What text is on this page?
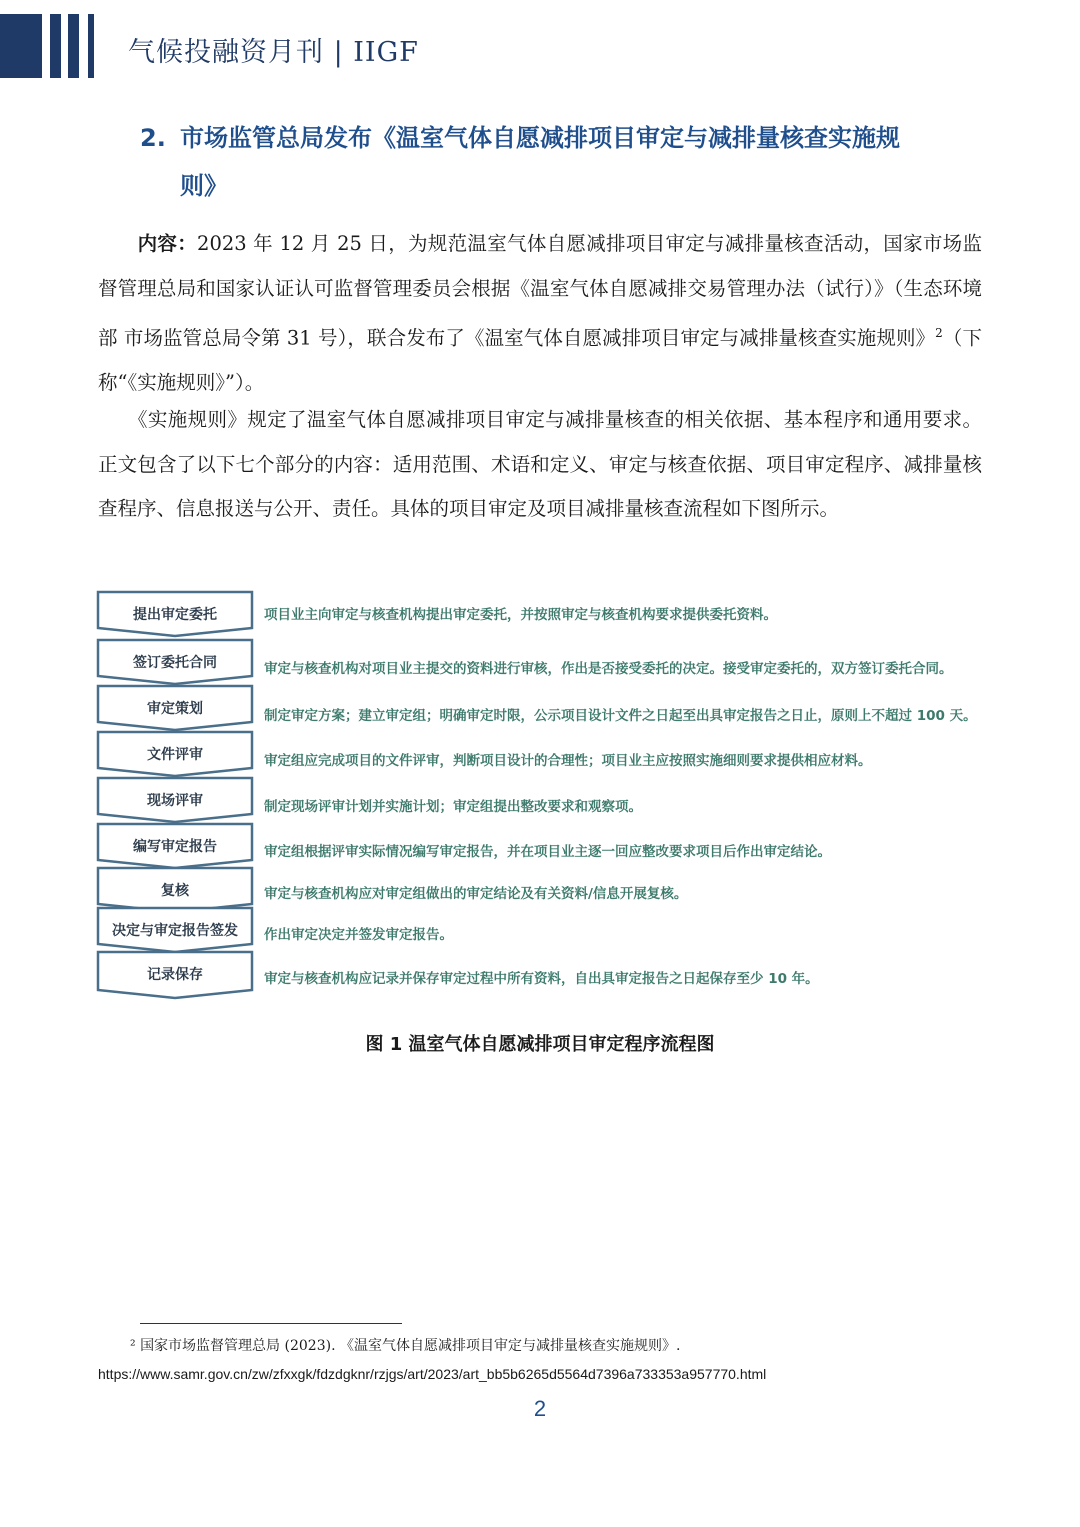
气候投融资月刊 | IIGF
2. 市场监管总局发布《温室气体自愿减排项目审定与减排量核查实施规
则》
　　内容：2023 年 12 月 25 日，为规范温室气体自愿减排项目审定与减排量核查活动，国家市场监督管理总局和国家认证认可监督管理委员会根据《温室气体自愿减排交易管理办法（试行）》（生态环境部 市场监管总局令第 31 号），联合发布了《温室气体自愿减排项目审定与减排量核查实施规则》$^2$（下称“《实施规则》”）。
　　《实施规则》规定了温室气体自愿减排项目审定与减排量核查的相关依据、基本程序和通用要求。正文包含了以下七个部分的内容：适用范围、术语和定义、审定与核查依据、项目审定程序、减排量核查程序、信息报送与公开、责任。具体的项目审定及项目减排量核查流程如下图所示。
提出审定委托	项目业主向审定与核查机构提出审定委托，并按照审定与核查机构要求提供委托资料。
签订委托合同	审定与核查机构对项目业主提交的资料进行审核，作出是否接受委托的决定。接受审定委托的，双方签订委托合同。
审定策划	制定审定方案；建立审定组；明确审定时限，公示项目设计文件之日起至出具审定报告之日止，原则上不超过 100 天。
文件评审	审定组应完成项目的文件评审，判断项目设计的合理性；项目业主应按照实施细则要求提供相应材料。
现场评审	制定现场评审计划并实施计划；审定组提出整改要求和观察项。
编写审定报告	审定组根据评审实际情况编写审定报告，并在项目业主逐一回应整改要求项目后作出审定结论。
复核	审定与核查机构应对审定组做出的审定结论及有关资料/信息开展复核。
决定与审定报告签发	作出审定决定并签发审定报告。
记录保存	审定与核查机构应记录并保存审定过程中所有资料，自出具审定报告之日起保存至少 10 年。
图 1 温室气体自愿减排项目审定程序流程图
² 国家市场监督管理总局 (2023). 《温室气体自愿减排项目审定与减排量核查实施规则》.
https://www.samr.gov.cn/zw/zfxxgk/fdzdgknr/rzjgs/art/2023/art_bb5b6265d5564d7396a733353a957770.html
2
